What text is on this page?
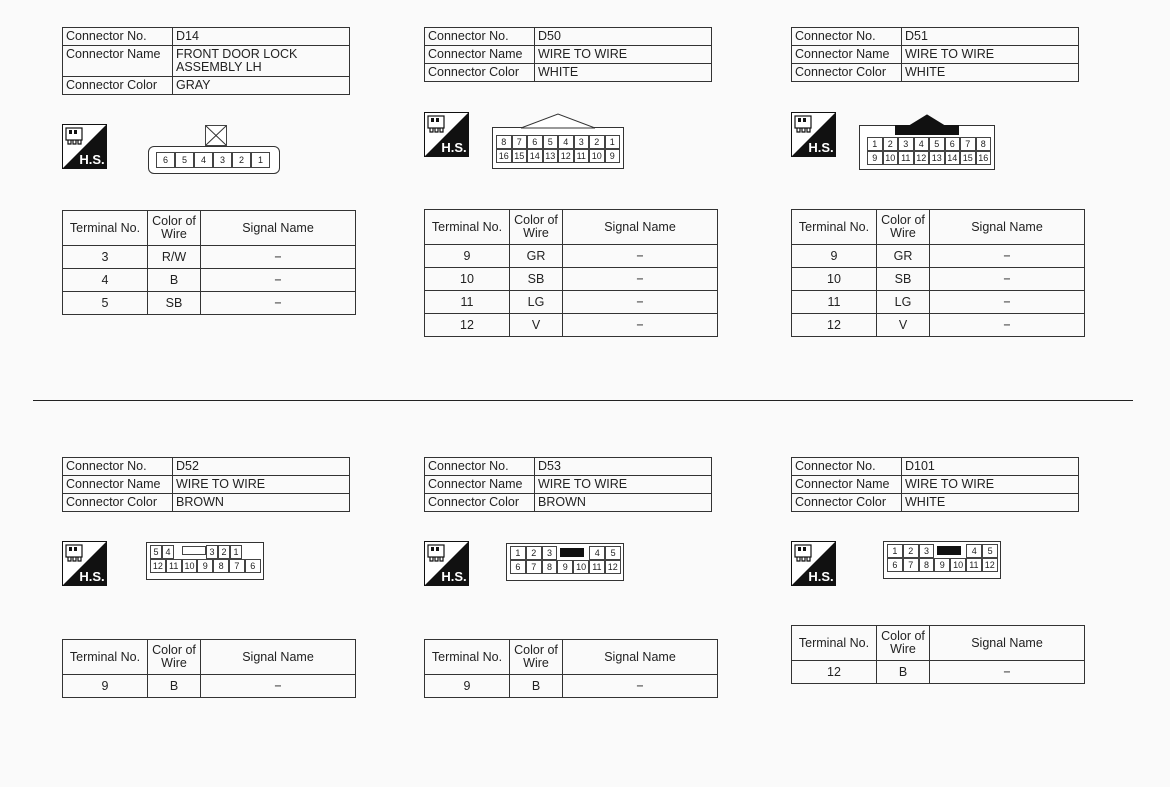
Connector No.	D14
Connector Name	FRONT DOOR LOCK
ASSEMBLY LH
Connector Color	GRAY
H.S.	6	5	4	3	2	1
Terminal No.	Color of Wire	Signal Name
3	R/W	−
4	B	−
5	SB	−
Connector No.	D50
Connector Name	WIRE TO WIRE
Connector Color	WHITE
H.S.	8	7	6	5	4	3	2	1
16 15 14 13 12 11 10 9
Terminal No.	Color of Wire	Signal Name
9	GR	−
10	SB	−
11	LG	−
12	V	−
Connector No.	D51
Connector Name	WIRE TO WIRE
Connector Color	WHITE
H.S.	1	2	3	4	5	6	7	8
9 10 11 12 13 14 15 16
Terminal No.	Color of Wire	Signal Name
9	GR	−
10	SB	−
11	LG	−
12	V	−
Connector No.	D52
Connector Name	WIRE TO WIRE
Connector Color	BROWN
H.S.
5 4	3 2 1
12 11 10 9	8	7	6
Terminal No.	Color of Wire	Signal Name
9	B	−
Connector No.	D53
Connector Name	WIRE TO WIRE
Connector Color	BROWN
H.S.
1	2	3	4	5
6	7	8	9 10 11 12
Terminal No.	Color of Wire	Signal Name
9	B	−
Connector No.	D101
Connector Name	WIRE TO WIRE
Connector Color	WHITE
H.S.
1	2	3	4	5
6	7	8	9 10 11 12
Terminal No.	Color of Wire	Signal Name
12	B	−
